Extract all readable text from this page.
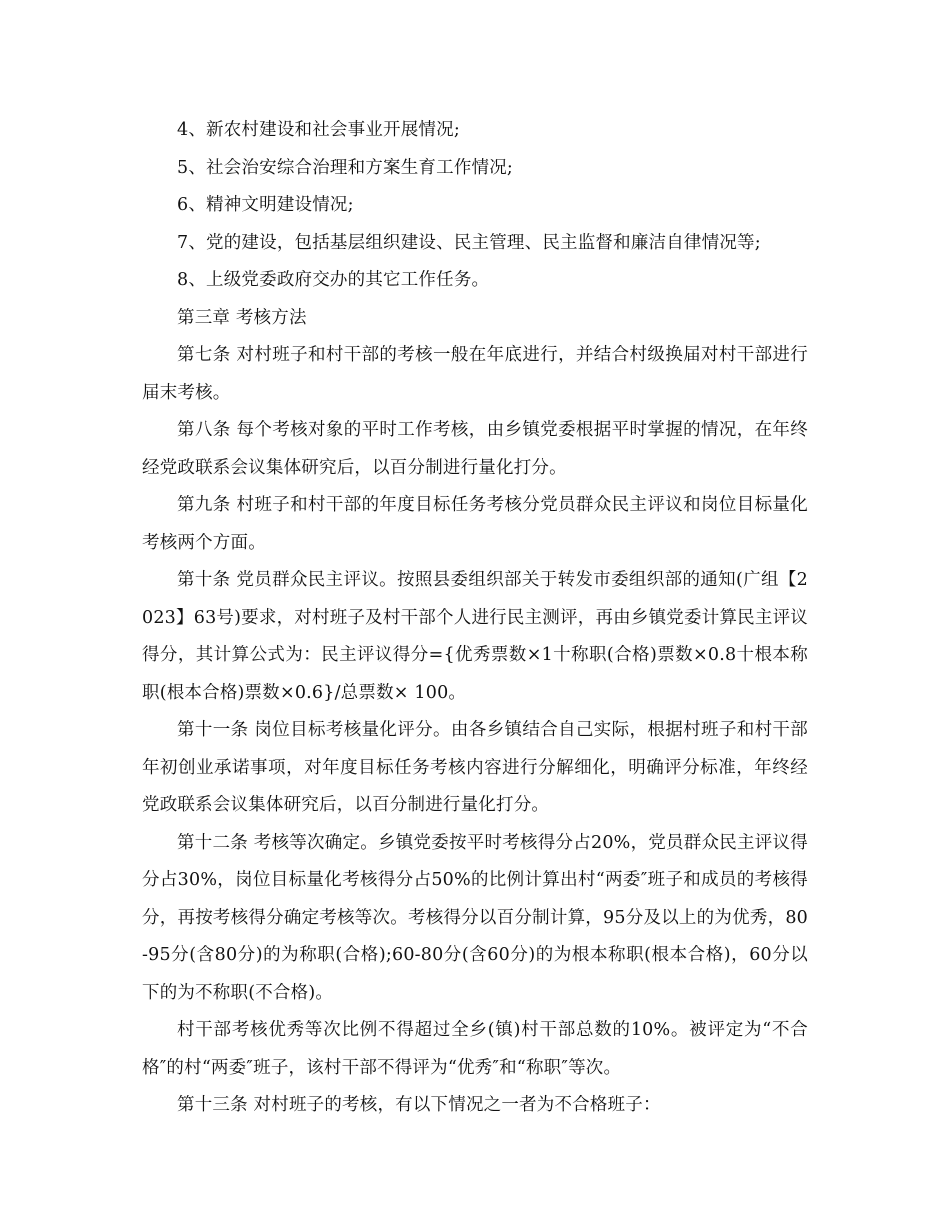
4、新农村建设和社会事业开展情况;

5、社会治安综合治理和方案生育工作情况;

6、精神文明建设情况;

7、党的建设，包括基层组织建设、民主管理、民主监督和廉洁自律情况等;

8、上级党委政府交办的其它工作任务。

第三章 考核方法

第七条 对村班子和村干部的考核一般在年底进行，并结合村级换届对村干部进行届末考核。

第八条 每个考核对象的平时工作考核，由乡镇党委根据平时掌握的情况，在年终经党政联系会议集体研究后，以百分制进行量化打分。

第九条 村班子和村干部的年度目标任务考核分党员群众民主评议和岗位目标量化考核两个方面。

第十条 党员群众民主评议。按照县委组织部关于转发市委组织部的通知(广组【2023】63号)要求，对村班子及村干部个人进行民主测评，再由乡镇党委计算民主评议得分，其计算公式为：民主评议得分={优秀票数×1十称职(合格)票数×0.8十根本称职(根本合格)票数×0.6}/总票数× 100。

第十一条 岗位目标考核量化评分。由各乡镇结合自己实际，根据村班子和村干部年初创业承诺事项，对年度目标任务考核内容进行分解细化，明确评分标准，年终经党政联系会议集体研究后，以百分制进行量化打分。

第十二条 考核等次确定。乡镇党委按平时考核得分占20%，党员群众民主评议得分占30%，岗位目标量化考核得分占50%的比例计算出村“两委″班子和成员的考核得分，再按考核得分确定考核等次。考核得分以百分制计算，95分及以上的为优秀，80-95分(含80分)的为称职(合格);60-80分(含60分)的为根本称职(根本合格)，60分以下的为不称职(不合格)。

村干部考核优秀等次比例不得超过全乡(镇)村干部总数的10%。被评定为“不合格″的村“两委″班子，该村干部不得评为“优秀″和“称职″等次。

第十三条 对村班子的考核，有以下情况之一者为不合格班子：
